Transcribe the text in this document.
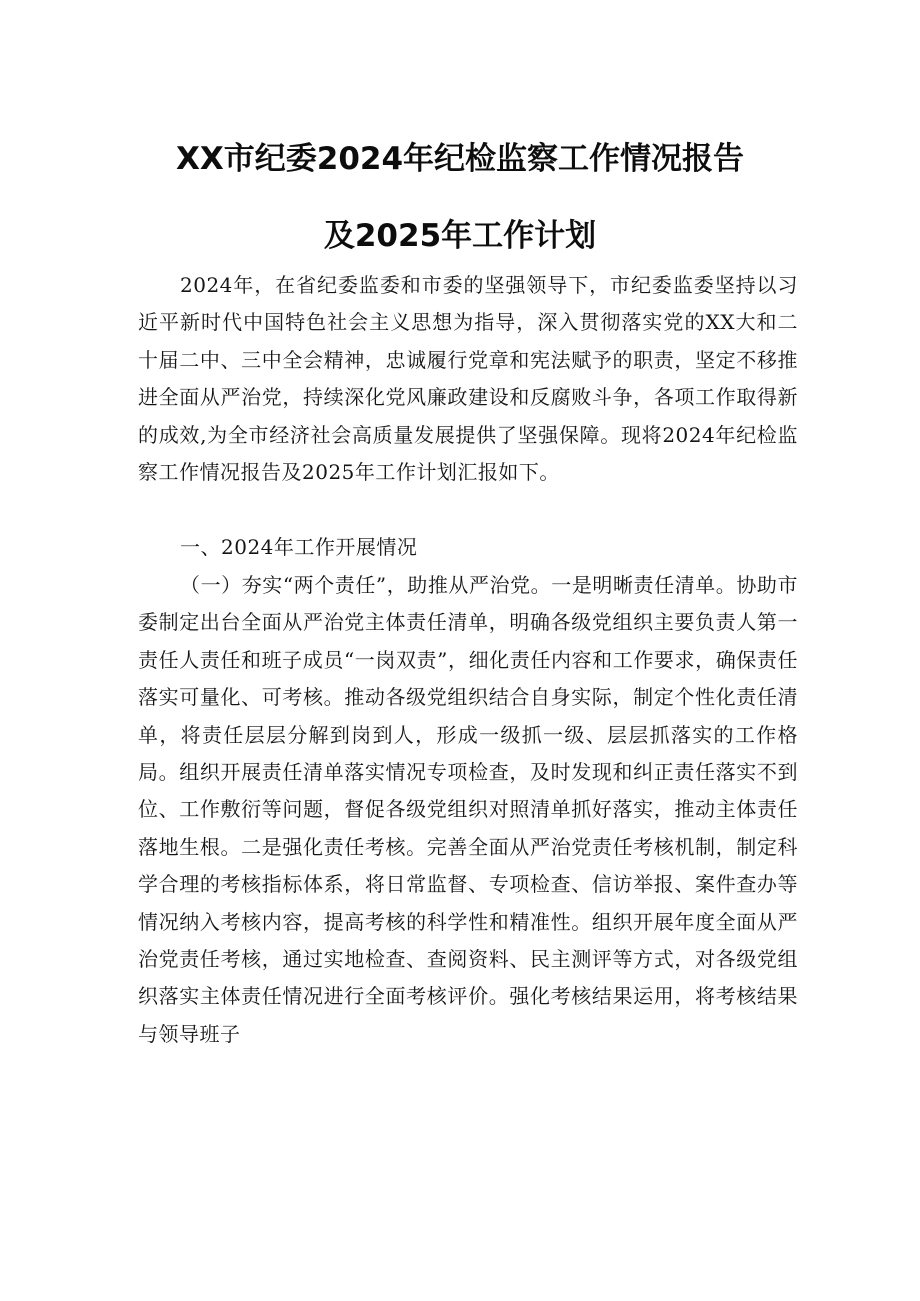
XX市纪委2024年纪检监察工作情况报告
及2025年工作计划

2024年，在省纪委监委和市委的坚强领导下，市纪委监委坚持以习近平新时代中国特色社会主义思想为指导，深入贯彻落实党的XX大和二十届二中、三中全会精神，忠诚履行党章和宪法赋予的职责，坚定不移推进全面从严治党，持续深化党风廉政建设和反腐败斗争，各项工作取得新的成效,为全市经济社会高质量发展提供了坚强保障。现将2024年纪检监察工作情况报告及2025年工作计划汇报如下。

一、2024年工作开展情况

（一）夯实“两个责任”，助推从严治党。一是明晰责任清单。协助市委制定出台全面从严治党主体责任清单，明确各级党组织主要负责人第一责任人责任和班子成员“一岗双责”，细化责任内容和工作要求，确保责任落实可量化、可考核。推动各级党组织结合自身实际，制定个性化责任清单，将责任层层分解到岗到人，形成一级抓一级、层层抓落实的工作格局。组织开展责任清单落实情况专项检查，及时发现和纠正责任落实不到位、工作敷衍等问题，督促各级党组织对照清单抓好落实，推动主体责任落地生根。二是强化责任考核。完善全面从严治党责任考核机制，制定科学合理的考核指标体系，将日常监督、专项检查、信访举报、案件查办等情况纳入考核内容，提高考核的科学性和精准性。组织开展年度全面从严治党责任考核，通过实地检查、查阅资料、民主测评等方式，对各级党组织落实主体责任情况进行全面考核评价。强化考核结果运用，将考核结果与领导班子
